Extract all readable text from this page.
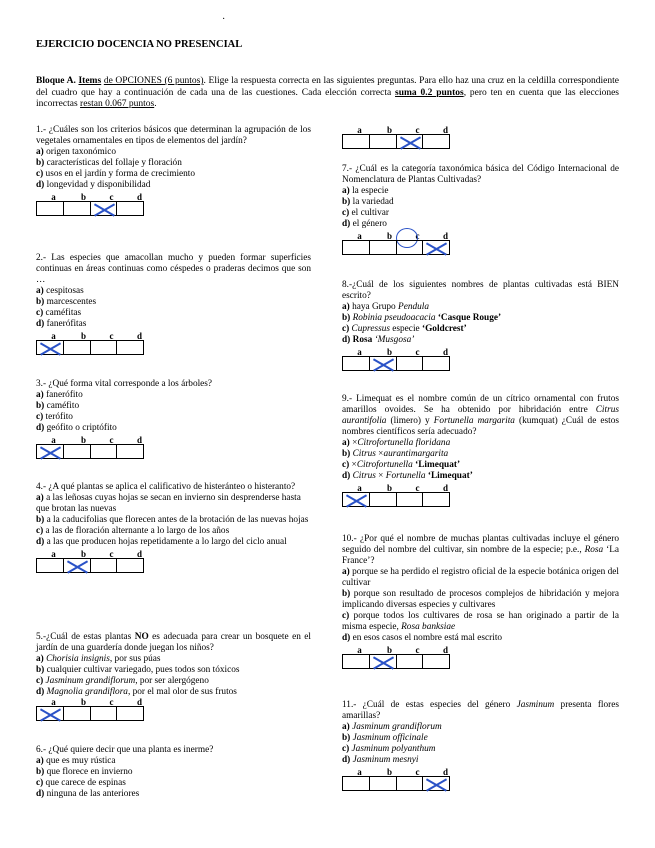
·
EJERCICIO DOCENCIA NO PRESENCIAL
Bloque A. Items de OPCIONES (6 puntos). Elige la respuesta correcta en las siguientes preguntas. Para ello haz una cruz en la celdilla correspondiente del cuadro que hay a continuación de cada una de las cuestiones. Cada elección correcta suma 0.2 puntos, pero ten en cuenta que las elecciones incorrectas restan 0.067 puntos.
1.- ¿Cuáles son los criterios básicos que determinan la agrupación de los vegetales ornamentales en tipos de elementos del jardín?
a) origen taxonómico
b) características del follaje y floración
c) usos en el jardín y forma de crecimiento
d) longevidad y disponibilidad
a	b	c	d
2.- Las especies que amacollan mucho y pueden formar superficies continuas en áreas continuas como céspedes o praderas decimos que son …
a) cespitosas
b) marcescentes
c) caméfitas
d) fanerófitas
a	b	c	d
3.- ¿Qué forma vital corresponde a los árboles?
a) fanerófito
b) caméfito
c) terófito
d) geófito o criptófito
a	b	c	d
4.- ¿A qué plantas se aplica el calificativo de histeránteo o histeranto?
a) a las leñosas cuyas hojas se secan en invierno sin desprenderse hasta que brotan las nuevas
b) a la caducifolias que florecen antes de la brotación de las nuevas hojas
c) a las de floración alternante a lo largo de los años
d) a las que producen hojas repetidamente a lo largo del ciclo anual
a	b	c	d
5.-¿Cuál de estas plantas NO es adecuada para crear un bosquete en el jardín de una guardería donde juegan los niños?
a) Chorisia insignis, por sus púas
b) cualquier cultivar variegado, pues todos son tóxicos
c) Jasminum grandiflorum, por ser alergógeno
d) Magnolia grandiflora, por el mal olor de sus frutos
a	b	c	d
6.- ¿Qué quiere decir que una planta es inerme?
a) que es muy rústica
b) que florece en invierno
c) que carece de espinas
d) ninguna de las anteriores
a	b	c	d
7.- ¿Cuál es la categoría taxonómica básica del Código Internacional de Nomenclatura de Plantas Cultivadas?
a) la especie
b) la variedad
c) el cultivar
d) el género
a	b	c	d
8.-¿Cuál de los siguientes nombres de plantas cultivadas está BIEN escrito?
a) haya Grupo Pendula
b) Robinia pseudoacacia ‘Casque Rouge’
c) Cupressus especie ‘Goldcrest’
d) Rosa ‘Musgosa’
a	b	c	d
9.- Limequat es el nombre común de un cítrico ornamental con frutos amarillos ovoides. Se ha obtenido por hibridación entre Citrus aurantifolia (limero) y Fortunella margarita (kumquat) ¿Cuál de estos nombres científicos sería adecuado?
a) ×Citrofortunella floridana
b) Citrus ×aurantimargarita
c) ×Citrofortunella ‘Limequat’
d) Citrus × Fortunella ‘Limequat’
a	b	c	d
10.- ¿Por qué el nombre de muchas plantas cultivadas incluye el género seguido del nombre del cultivar, sin nombre de la especie; p.e., Rosa ‘La France’?
a) porque se ha perdido el registro oficial de la especie botánica origen del cultivar
b) porque son resultado de procesos complejos de hibridación y mejora implicando diversas especies y cultivares
c) porque todos los cultivares de rosa se han originado a partir de la misma especie, Rosa banksiae
d) en esos casos el nombre está mal escrito
a	b	c	d
11.- ¿Cuál de estas especies del género Jasminum presenta flores amarillas?
a) Jasminum grandiflorum
b) Jasminum officinale
c) Jasminum polyanthum
d) Jasminum mesnyi
a	b	c	d
